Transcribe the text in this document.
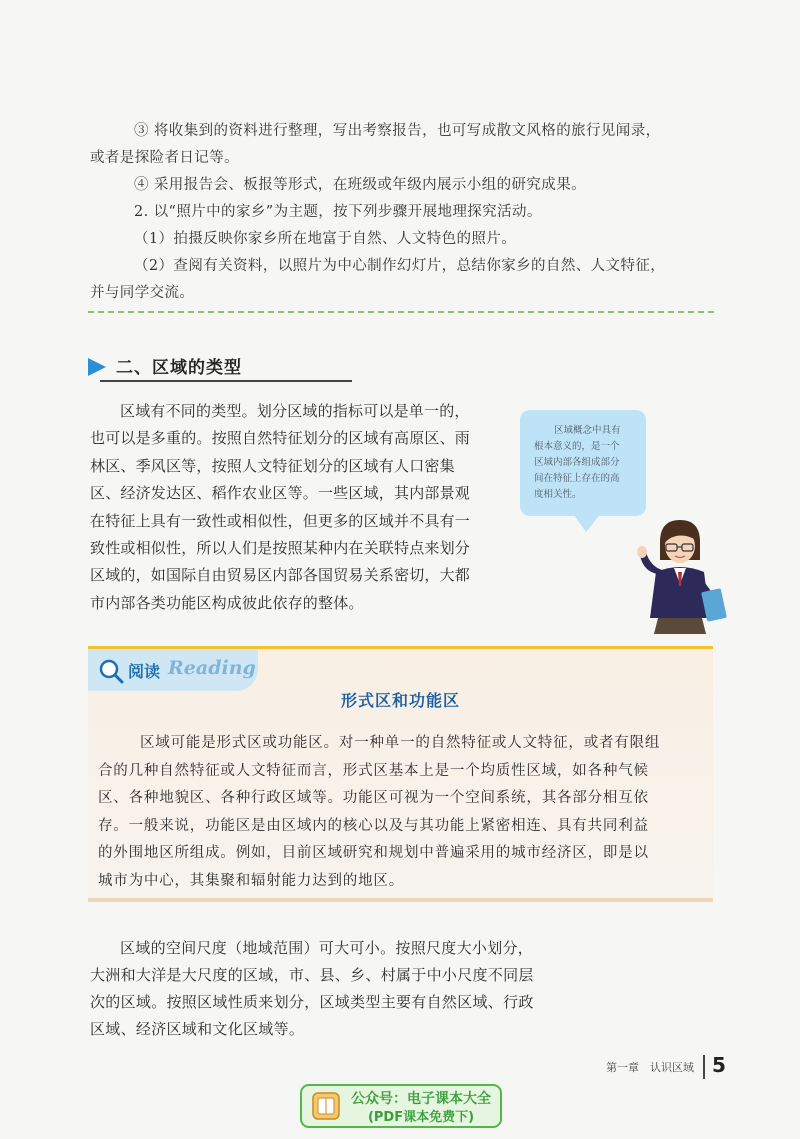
③ 将收集到的资料进行整理，写出考察报告，也可写成散文风格的旅行见闻录，
或者是探险者日记等。
④ 采用报告会、板报等形式，在班级或年级内展示小组的研究成果。
2. 以“照片中的家乡”为主题，按下列步骤开展地理探究活动。
（1）拍摄反映你家乡所在地富于自然、人文特色的照片。
（2）查阅有关资料，以照片为中心制作幻灯片，总结你家乡的自然、人文特征，
并与同学交流。
二、区域的类型
区域有不同的类型。划分区域的指标可以是单一的，
也可以是多重的。按照自然特征划分的区域有高原区、雨
林区、季风区等，按照人文特征划分的区域有人口密集
区、经济发达区、稻作农业区等。一些区域，其内部景观
在特征上具有一致性或相似性，但更多的区域并不具有一
致性或相似性，所以人们是按照某种内在关联特点来划分
区域的，如国际自由贸易区内部各国贸易关系密切，大都
市内部各类功能区构成彼此依存的整体。
区域概念中具有
根本意义的，是一个
区域内部各组成部分
间在特征上存在的高
度相关性。
阅读 Reading
形式区和功能区
区域可能是形式区或功能区。对一种单一的自然特征或人文特征，或者有限组
合的几种自然特征或人文特征而言，形式区基本上是一个均质性区域，如各种气候
区、各种地貌区、各种行政区域等。功能区可视为一个空间系统，其各部分相互依
存。一般来说，功能区是由区域内的核心以及与其功能上紧密相连、具有共同利益
的外围地区所组成。例如，目前区域研究和规划中普遍采用的城市经济区，即是以
城市为中心，其集聚和辐射能力达到的地区。
区域的空间尺度（地域范围）可大可小。按照尺度大小划分，
大洲和大洋是大尺度的区域，市、县、乡、村属于中小尺度不同层
次的区域。按照区域性质来划分，区域类型主要有自然区域、行政
区域、经济区域和文化区域等。
第一章　认识区域 5
公众号：电子课本大全
(PDF课本免费下)
